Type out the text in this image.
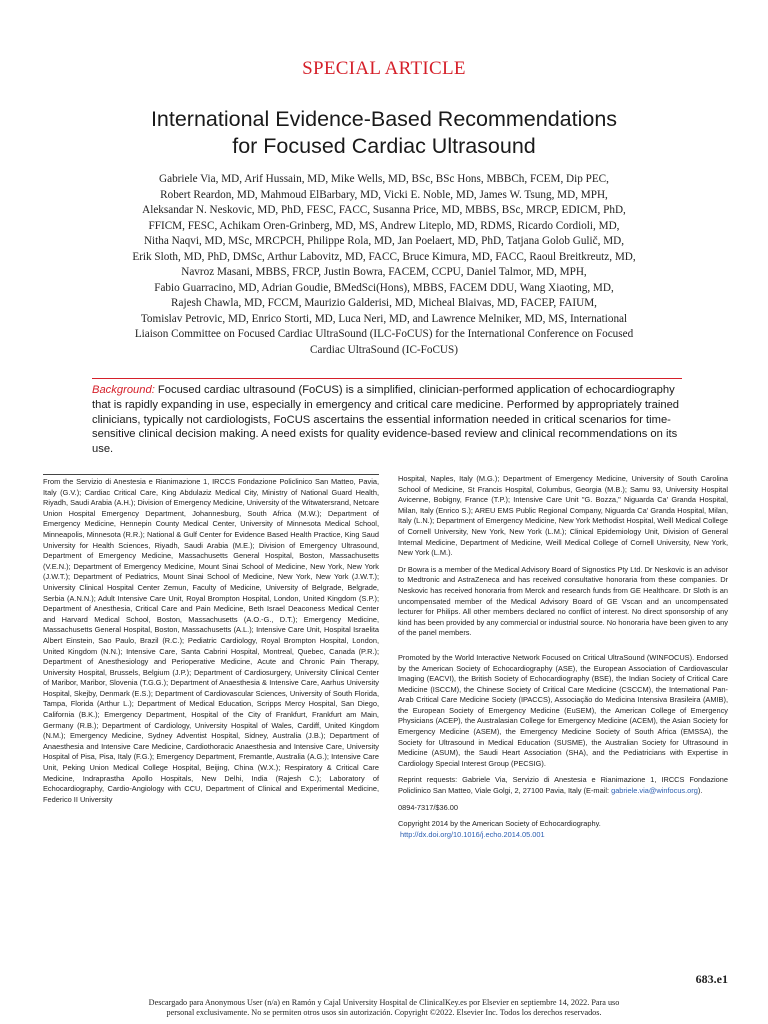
SPECIAL ARTICLE
International Evidence-Based Recommendations
for Focused Cardiac Ultrasound
Gabriele Via, MD, Arif Hussain, MD, Mike Wells, MD, BSc, BSc Hons, MBBCh, FCEM, Dip PEC,
Robert Reardon, MD, Mahmoud ElBarbary, MD, Vicki E. Noble, MD, James W. Tsung, MD, MPH,
Aleksandar N. Neskovic, MD, PhD, FESC, FACC, Susanna Price, MD, MBBS, BSc, MRCP, EDICM, PhD,
FFICM, FESC, Achikam Oren-Grinberg, MD, MS, Andrew Liteplo, MD, RDMS, Ricardo Cordioli, MD,
Nitha Naqvi, MD, MSc, MRCPCH, Philippe Rola, MD, Jan Poelaert, MD, PhD, Tatjana Golob Gulič, MD,
Erik Sloth, MD, PhD, DMSc, Arthur Labovitz, MD, FACC, Bruce Kimura, MD, FACC, Raoul Breitkreutz, MD,
Navroz Masani, MBBS, FRCP, Justin Bowra, FACEM, CCPU, Daniel Talmor, MD, MPH,
Fabio Guarracino, MD, Adrian Goudie, BMedSci(Hons), MBBS, FACEM DDU, Wang Xiaoting, MD,
Rajesh Chawla, MD, FCCM, Maurizio Galderisi, MD, Micheal Blaivas, MD, FACEP, FAIUM,
Tomislav Petrovic, MD, Enrico Storti, MD, Luca Neri, MD, and Lawrence Melniker, MD, MS, International
Liaison Committee on Focused Cardiac UltraSound (ILC-FoCUS) for the International Conference on Focused
Cardiac UltraSound (IC-FoCUS)
Background: Focused cardiac ultrasound (FoCUS) is a simplified, clinician-performed application of echocardiography that is rapidly expanding in use, especially in emergency and critical care medicine. Performed by appropriately trained clinicians, typically not cardiologists, FoCUS ascertains the essential information needed in critical scenarios for time-sensitive clinical decision making. A need exists for quality evidence-based review and clinical recommendations on its use.

From the Servizio di Anestesia e Rianimazione 1, IRCCS Fondazione Policlinico San Matteo, Pavia, Italy (G.V.); Cardiac Critical Care, King Abdulaziz Medical City, Ministry of National Guard Health, Riyadh, Saudi Arabia (A.H.); Division of Emergency Medicine, University of the Witwatersrand, Netcare Union Hospital Emergency Department, Johannesburg, South Africa (M.W.); Department of Emergency Medicine, Hennepin County Medical Center, University of Minnesota Medical School, Minneapolis, Minnesota (R.R.); National & Gulf Center for Evidence Based Health Practice, King Saud University for Health Sciences, Riyadh, Saudi Arabia (M.E.); Division of Emergency Ultrasound, Department of Emergency Medicine, Massachusetts General Hospital, Boston, Massachusetts (V.E.N.); Department of Emergency Medicine, Mount Sinai School of Medicine, New York, New York (J.W.T.); Department of Pediatrics, Mount Sinai School of Medicine, New York, New York (J.W.T.); University Clinical Hospital Center Zemun, Faculty of Medicine, University of Belgrade, Belgrade, Serbia (A.N.N.); Adult Intensive Care Unit, Royal Brompton Hospital, London, United Kingdom (S.P.); Department of Anesthesia, Critical Care and Pain Medicine, Beth Israel Deaconess Medical Center and Harvard Medical School, Boston, Massachusetts (A.O.-G., D.T.); Emergency Medicine, Massachusetts General Hospital, Boston, Massachusetts (A.L.); Intensive Care Unit, Hospital Israelita Albert Einstein, Sao Paulo, Brazil (R.C.); Pediatric Cardiology, Royal Brompton Hospital, London, United Kingdom (N.N.); Intensive Care, Santa Cabrini Hospital, Montreal, Quebec, Canada (P.R.); Department of Anesthesiology and Perioperative Medicine, Acute and Chronic Pain Therapy, University Hospital, Brussels, Belgium (J.P.); Department of Cardiosurgery, University Clinical Center of Maribor, Maribor, Slovenia (T.G.G.); Department of Anaesthesia & Intensive Care, Aarhus University Hospital, Skejby, Denmark (E.S.); Department of Cardiovascular Sciences, University of South Florida, Tampa, Florida (Arthur L.); Department of Medical Education, Scripps Mercy Hospital, San Diego, California (B.K.); Emergency Department, Hospital of the City of Frankfurt, Frankfurt am Main, Germany (R.B.); Department of Cardiology, University Hospital of Wales, Cardiff, United Kingdom (N.M.); Emergency Medicine, Sydney Adventist Hospital, Sidney, Australia (J.B.); Department of Anaesthesia and Intensive Care Medicine, Cardiothoracic Anaesthesia and Intensive Care, University Hospital of Pisa, Pisa, Italy (F.G.); Emergency Department, Fremantle, Australia (A.G.); Intensive Care Unit, Peking Union Medical College Hospital, Beijing, China (W.X.); Respiratory & Critical Care Medicine, Indraprastha Apollo Hospitals, New Delhi, India (Rajesh C.); Laboratory of Echocardiography, Cardio-Angiology with CCU, Department of Clinical and Experimental Medicine, Federico II University

Hospital, Naples, Italy (M.G.); Department of Emergency Medicine, University of South Carolina School of Medicine, St Francis Hospital, Columbus, Georgia (M.B.); Samu 93, University Hospital Avicenne, Bobigny, France (T.P.); Intensive Care Unit "G. Bozza," Niguarda Ca' Granda Hospital, Milan, Italy (Enrico S.); AREU EMS Public Regional Company, Niguarda Ca' Granda Hospital, Milan, Italy (L.N.); Department of Emergency Medicine, New York Methodist Hospital, Weill Medical College of Cornell University, New York, New York (L.M.); Clinical Epidemiology Unit, Division of General Internal Medicine, Department of Medicine, Weill Medical College of Cornell University, New York, New York (L.M.).

Dr Bowra is a member of the Medical Advisory Board of Signostics Pty Ltd. Dr Neskovic is an advisor to Medtronic and AstraZeneca and has received consultative honoraria from these companies. Dr Neskovic has received honoraria from Merck and research funds from GE Healthcare. Dr Sloth is an uncompensated member of the Medical Advisory Board of GE Vscan and an uncompensated lecturer for Philips. All other members declared no conflict of interest. No direct sponsorship of any kind has been provided by any commercial or industrial source. No honoraria have been given to any of the panel members.

Promoted by the World Interactive Network Focused on Critical UltraSound (WINFOCUS). Endorsed by the American Society of Echocardiography (ASE), the European Association of Cardiovascular Imaging (EACVI), the British Society of Echocardiography (BSE), the Indian Society of Critical Care Medicine (ISCCM), the Chinese Society of Critical Care Medicine (CSCCM), the International Pan-Arab Critical Care Medicine Society (IPACCS), Associação do Medicina Intensiva Brasileira (AMIB), the European Society of Emergency Medicine (EuSEM), the American College of Emergency Physicians (ACEP), the Australasian College for Emergency Medicine (ACEM), the Asian Society for Emergency Medicine (ASEM), the Emergency Medicine Society of South Africa (EMSSA), the Society for Ultrasound in Medical Education (SUSME), the Australian Society for Ultrasound in Medicine (ASUM), the Saudi Heart Association (SHA), and the Pediatricians with Expertise in Cardiology Special Interest Group (PECSIG).

Reprint requests: Gabriele Via, Servizio di Anestesia e Rianimazione 1, IRCCS Fondazione Policlinico San Matteo, Viale Golgi, 2, 27100 Pavia, Italy (E-mail: gabriele.via@winfocus.org).

0894-7317/$36.00

Copyright 2014 by the American Society of Echocardiography.

http://dx.doi.org/10.1016/j.echo.2014.05.001
683.e1
Descargado para Anonymous User (n/a) en Ramón y Cajal University Hospital de ClinicalKey.es por Elsevier en septiembre 14, 2022. Para uso
personal exclusivamente. No se permiten otros usos sin autorización. Copyright ©2022. Elsevier Inc. Todos los derechos reservados.
